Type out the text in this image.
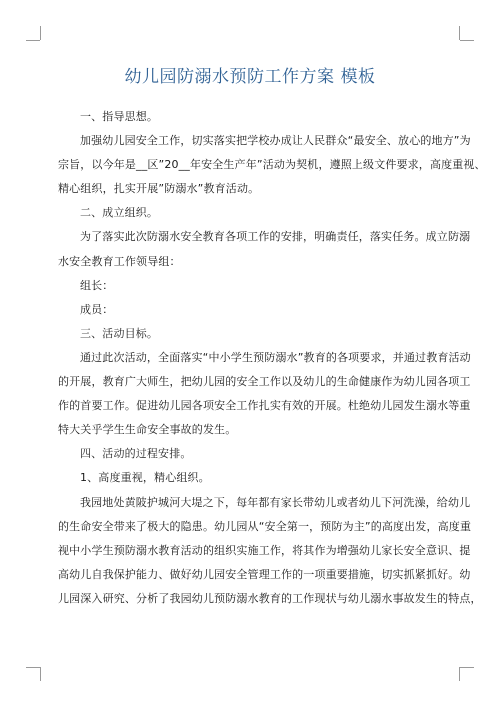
幼儿园防溺水预防工作方案 模板
一、指导思想。
加强幼儿园安全工作，切实落实把学校办成让人民群众“最安全、放心的地方”为
宗旨，以今年是__区”20__年安全生产年”活动为契机，遵照上级文件要求，高度重视、
精心组织，扎实开展”防溺水”教育活动。
二、成立组织。
为了落实此次防溺水安全教育各项工作的安排，明确责任，落实任务。成立防溺
水安全教育工作领导组：
组长：
成员：
三、活动目标。
通过此次活动，全面落实“中小学生预防溺水”教育的各项要求，并通过教育活动
的开展，教育广大师生，把幼儿园的安全工作以及幼儿的生命健康作为幼儿园各项工
作的首要工作。促进幼儿园各项安全工作扎实有效的开展。杜绝幼儿园发生溺水等重
特大关乎学生生命安全事故的发生。
四、活动的过程安排。
1、高度重视，精心组织。
我园地处黄陂护城河大堤之下，每年都有家长带幼儿或者幼儿下河洗澡，给幼儿
的生命安全带来了极大的隐患。幼儿园从“安全第一，预防为主”的高度出发，高度重
视中小学生预防溺水教育活动的组织实施工作，将其作为增强幼儿家长安全意识、提
高幼儿自我保护能力、做好幼儿园安全管理工作的一项重要措施，切实抓紧抓好。幼
儿园深入研究、分析了我园幼儿预防溺水教育的工作现状与幼儿溺水事故发生的特点，
